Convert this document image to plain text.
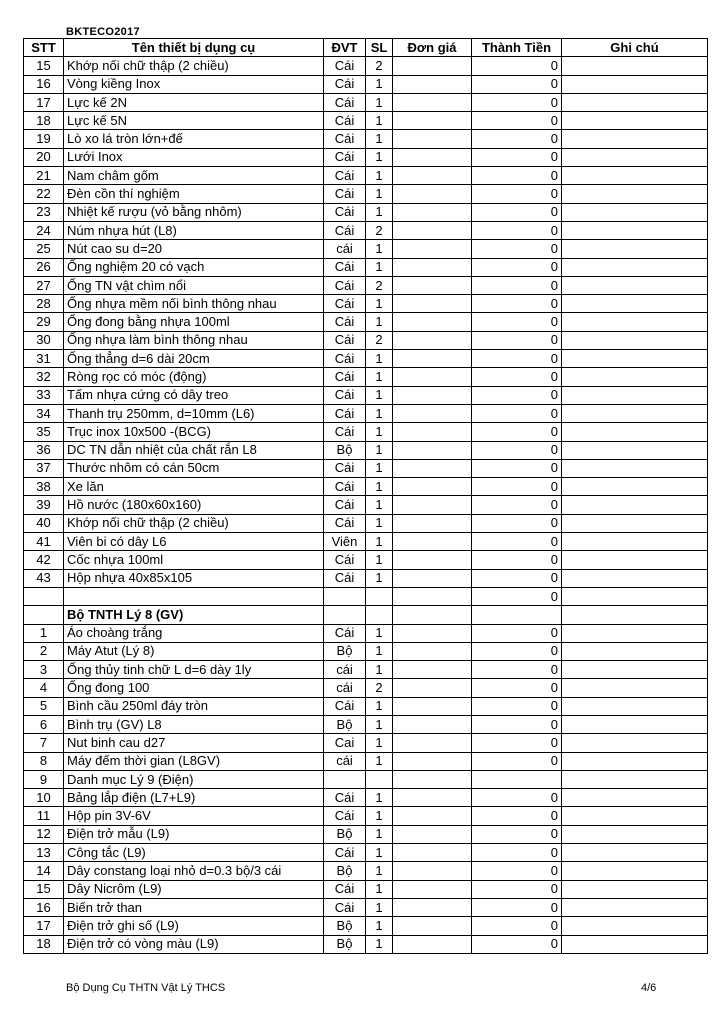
BKTECO2017
STT	Tên thiết bị dụng cụ	ĐVT	SL	Đơn giá	Thành Tiền	Ghi chú
15	Khớp nối chữ thập (2 chiều)	Cái	2		0	
16	Vòng kiềng Inox	Cái	1		0	
17	Lực kế 2N	Cái	1		0	
18	Lực kế 5N	Cái	1		0	
19	Lò xo lá tròn lớn+đế	Cái	1		0	
20	Lưới Inox	Cái	1		0	
21	Nam châm gốm	Cái	1		0	
22	Đèn cồn thí nghiệm	Cái	1		0	
23	Nhiệt kế rượu (vỏ bằng nhôm)	Cái	1		0	
24	Núm nhựa hút (L8)	Cái	2		0	
25	Nút cao su d=20	cái	1		0	
26	Ống nghiệm 20 có vạch	Cái	1		0	
27	Ống TN vật chìm nổi	Cái	2		0	
28	Ống nhựa mềm nối bình thông nhau	Cái	1		0	
29	Ống đong bằng nhựa 100ml	Cái	1		0	
30	Ống nhựa làm bình thông nhau	Cái	2		0	
31	Ống thẳng d=6 dài 20cm	Cái	1		0	
32	Ròng rọc có móc (động)	Cái	1		0	
33	Tấm nhựa cứng có dây treo	Cái	1		0	
34	Thanh trụ 250mm, d=10mm (L6)	Cái	1		0	
35	Trục inox 10x500 -(BCG)	Cái	1		0	
36	DC TN dẫn nhiệt của chất rắn L8	Bộ	1		0	
37	Thước nhôm có cán 50cm	Cái	1		0	
38	Xe lăn	Cái	1		0	
39	Hồ nước (180x60x160)	Cái	1		0	
40	Khớp nối chữ thập (2 chiều)	Cái	1		0	
41	Viên bi có dây L6	Viên	1		0	
42	Cốc nhựa 100ml	Cái	1		0	
43	Hộp nhựa 40x85x105	Cái	1		0	
					0	
	Bộ TNTH Lý 8 (GV)					
1	Áo choàng trắng	Cái	1		0	
2	Máy Atut (Lý 8)	Bộ	1		0	
3	Ống thủy tinh chữ L d=6 dày 1ly	cái	1		0	
4	Ống đong 100	cái	2		0	
5	Bình cầu 250ml đáy tròn	Cái	1		0	
6	Bình trụ (GV) L8	Bộ	1		0	
7	Nut binh cau d27	Cai	1		0	
8	Máy đếm thời gian (L8GV)	cái	1		0	
9	Danh mục Lý 9 (Điện)					
10	Bảng lắp điện (L7+L9)	Cái	1		0	
11	Hộp pin 3V-6V	Cái	1		0	
12	Điện trở mẫu (L9)	Bộ	1		0	
13	Công tắc (L9)	Cái	1		0	
14	Dây constang loại nhỏ d=0.3 bộ/3 cái	Bộ	1		0	
15	Dây Nicrôm (L9)	Cái	1		0	
16	Biến trở than	Cái	1		0	
17	Điện trở ghi số (L9)	Bộ	1		0	
18	Điện trở có vòng màu (L9)	Bộ	1		0	
Bộ Dụng Cụ THTN Vật Lý THCS	4/6
